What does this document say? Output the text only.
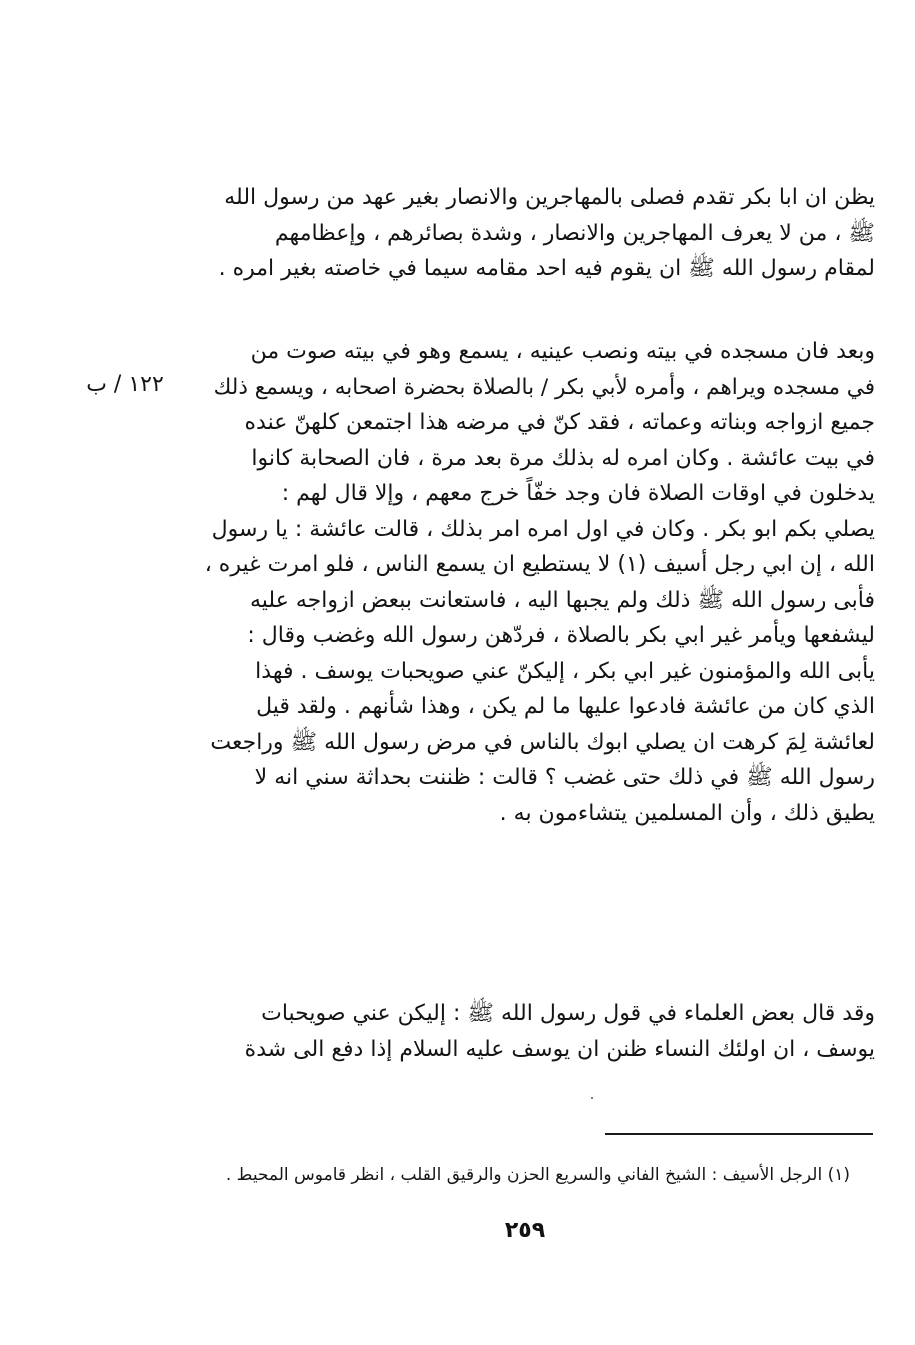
١٢٢ / ب

يظن ان ابا بكر تقدم فصلى بالمهاجرين والانصار بغير عهد من رسول الله
ﷺ ، من لا يعرف المهاجرين والانصار ، وشدة بصائرهم ، وإعظامهم
لمقام رسول الله ﷺ ان يقوم فيه احد مقامه سيما في خاصته بغير امره .

وبعد فان مسجده في بيته ونصب عينيه ، يسمع وهو في بيته صوت من
في مسجده ويراهم ، وأمره لأبي بكر / بالصلاة بحضرة اصحابه ، ويسمع ذلك
جميع ازواجه وبناته وعماته ، فقد كنّ في مرضه هذا اجتمعن كلهنّ عنده
في بيت عائشة . وكان امره له بذلك مرة بعد مرة ، فان الصحابة كانوا
يدخلون في اوقات الصلاة فان وجد خفّاً خرج معهم ، وإلا قال لهم :
يصلي بكم ابو بكر . وكان في اول امره امر بذلك ، قالت عائشة : يا رسول
الله ، إن ابي رجل أسيف (١) لا يستطيع ان يسمع الناس ، فلو امرت غيره ،
فأبى رسول الله ﷺ ذلك ولم يجبها اليه ، فاستعانت ببعض ازواجه عليه
ليشفعها ويأمر غير ابي بكر بالصلاة ، فردّهن رسول الله وغضب وقال :
يأبى الله والمؤمنون غير ابي بكر ، إليكنّ عني صويحبات يوسف . فهذا
الذي كان من عائشة فادعوا عليها ما لم يكن ، وهذا شأنهم . ولقد قيل
لعائشة لِمَ كرهت ان يصلي ابوك بالناس في مرض رسول الله ﷺ وراجعت
رسول الله ﷺ في ذلك حتى غضب ؟ قالت : ظننت بحداثة سني انه لا
يطيق ذلك ، وأن المسلمين يتشاءمون به .

وقد قال بعض العلماء في قول رسول الله ﷺ : إليكن عني صويحبات
يوسف ، ان اولئك النساء ظنن ان يوسف عليه السلام إذا دفع الى شدة

(١) الرجل الأسيف : الشيخ الفاني والسريع الحزن والرقيق القلب ، انظر قاموس المحيط .
٢٥٩
